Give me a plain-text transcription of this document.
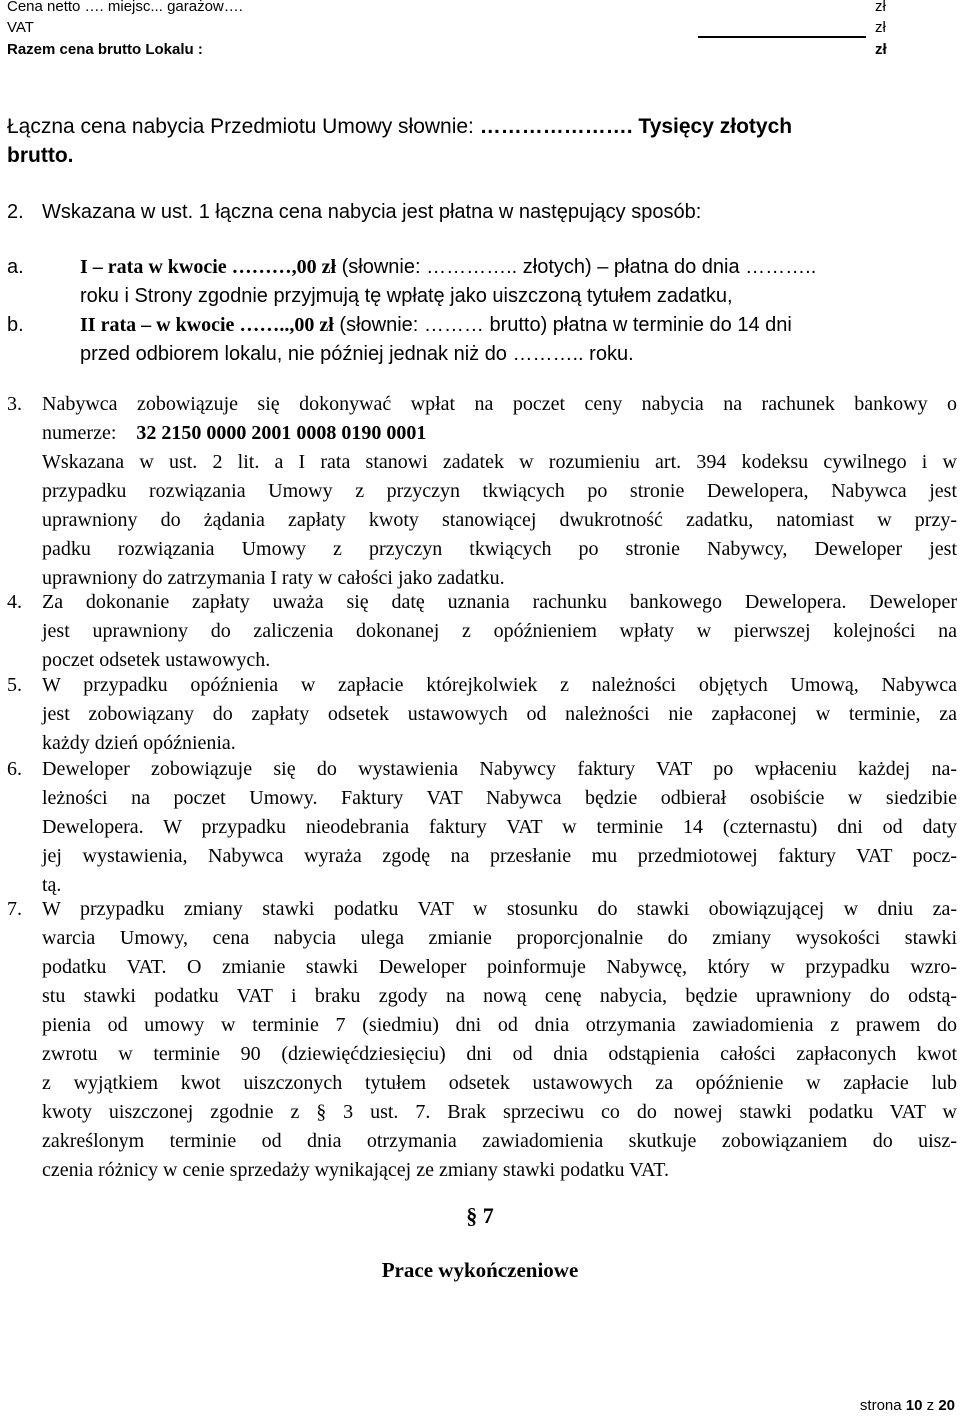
Cena netto …. miejsc... garażow….	zł
VAT	zł
Razem cena brutto Lokalu :	zł
Łączna cena nabycia Przedmiotu Umowy słownie: …………………. Tysięcy złotych
brutto.
2. Wskazana w ust. 1 łączna cena nabycia jest płatna w następujący sposób:
a.	I – rata w kwocie ………,00 zł (słownie: ………….. złotych) – płatna do dnia ………..
roku i Strony zgodnie przyjmują tę wpłatę jako uiszczoną tytułem zadatku,
b.	II rata – w kwocie ……..,00 zł (słownie: ……… brutto) płatna w terminie do 14 dni
przed odbiorem lokalu, nie później jednak niż do ……….. roku.
3. Nabywca zobowiązuje się dokonywać wpłat na poczet ceny nabycia na rachunek bankowy o
numerze: 32 2150 0000 2001 0008 0190 0001
Wskazana w ust. 2 lit. a I rata stanowi zadatek w rozumieniu art. 394 kodeksu cywilnego i w
przypadku rozwiązania Umowy z przyczyn tkwiących po stronie Dewelopera, Nabywca jest
uprawniony do żądania zapłaty kwoty stanowiącej dwukrotność zadatku, natomiast w przy-
padku rozwiązania Umowy z przyczyn tkwiących po stronie Nabywcy, Deweloper jest
uprawniony do zatrzymania I raty w całości jako zadatku.
4. Za dokonanie zapłaty uważa się datę uznania rachunku bankowego Dewelopera. Deweloper
jest uprawniony do zaliczenia dokonanej z opóźnieniem wpłaty w pierwszej kolejności na
poczet odsetek ustawowych.
5. W przypadku opóźnienia w zapłacie którejkolwiek z należności objętych Umową, Nabywca
jest zobowiązany do zapłaty odsetek ustawowych od należności nie zapłaconej w terminie, za
każdy dzień opóźnienia.
6. Deweloper zobowiązuje się do wystawienia Nabywcy faktury VAT po wpłaceniu każdej na-
leżności na poczet Umowy. Faktury VAT Nabywca będzie odbierał osobiście w siedzibie
Dewelopera. W przypadku nieodebrania faktury VAT w terminie 14 (czternastu) dni od daty
jej wystawienia, Nabywca wyraża zgodę na przesłanie mu przedmiotowej faktury VAT pocz-
tą.
7. W przypadku zmiany stawki podatku VAT w stosunku do stawki obowiązującej w dniu za-
warcia Umowy, cena nabycia ulega zmianie proporcjonalnie do zmiany wysokości stawki
podatku VAT. O zmianie stawki Deweloper poinformuje Nabywcę, który w przypadku wzro-
stu stawki podatku VAT i braku zgody na nową cenę nabycia, będzie uprawniony do odstą-
pienia od umowy w terminie 7 (siedmiu) dni od dnia otrzymania zawiadomienia z prawem do
zwrotu w terminie 90 (dziewięćdziesięciu) dni od dnia odstąpienia całości zapłaconych kwot
z wyjątkiem kwot uiszczonych tytułem odsetek ustawowych za opóźnienie w zapłacie lub
kwoty uiszczonej zgodnie z § 3 ust. 7. Brak sprzeciwu co do nowej stawki podatku VAT w
zakreślonym terminie od dnia otrzymania zawiadomienia skutkuje zobowiązaniem do uisz-
czenia różnicy w cenie sprzedaży wynikającej ze zmiany stawki podatku VAT.
§ 7
Prace wykończeniowe
strona 10 z 20
